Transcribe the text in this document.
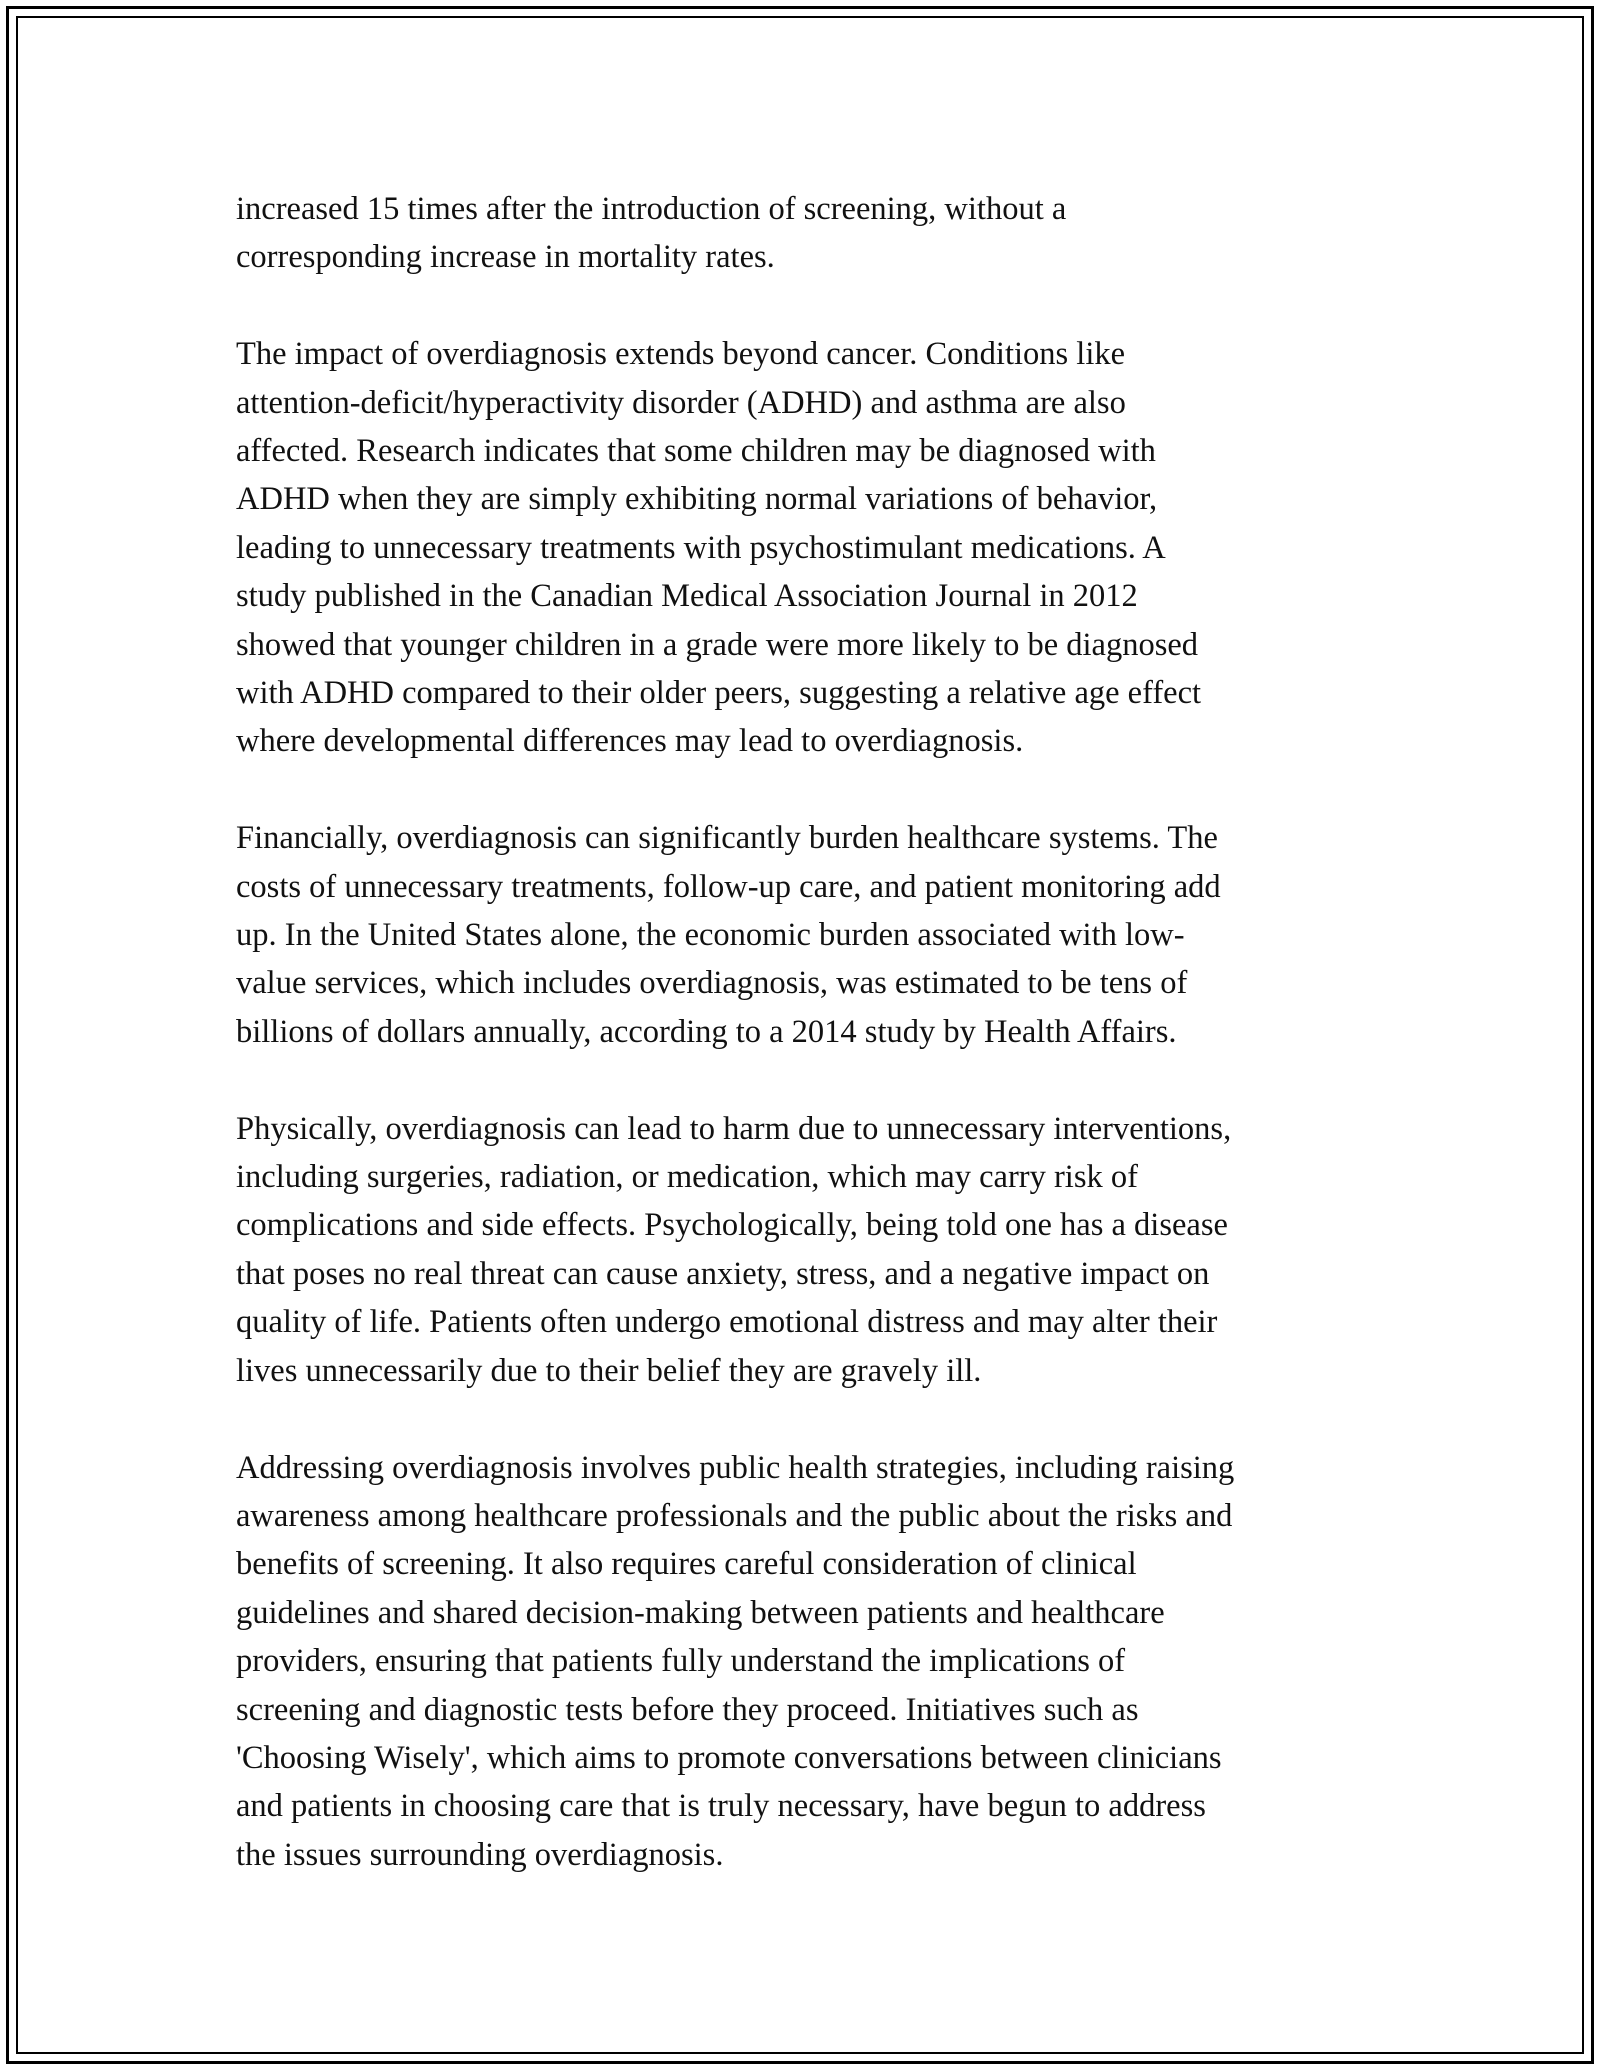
increased 15 times after the introduction of screening, without a
corresponding increase in mortality rates.

The impact of overdiagnosis extends beyond cancer. Conditions like
attention-deficit/hyperactivity disorder (ADHD) and asthma are also
affected. Research indicates that some children may be diagnosed with
ADHD when they are simply exhibiting normal variations of behavior,
leading to unnecessary treatments with psychostimulant medications. A
study published in the Canadian Medical Association Journal in 2012
showed that younger children in a grade were more likely to be diagnosed
with ADHD compared to their older peers, suggesting a relative age effect
where developmental differences may lead to overdiagnosis.

Financially, overdiagnosis can significantly burden healthcare systems. The
costs of unnecessary treatments, follow-up care, and patient monitoring add
up. In the United States alone, the economic burden associated with low-
value services, which includes overdiagnosis, was estimated to be tens of
billions of dollars annually, according to a 2014 study by Health Affairs.

Physically, overdiagnosis can lead to harm due to unnecessary interventions,
including surgeries, radiation, or medication, which may carry risk of
complications and side effects. Psychologically, being told one has a disease
that poses no real threat can cause anxiety, stress, and a negative impact on
quality of life. Patients often undergo emotional distress and may alter their
lives unnecessarily due to their belief they are gravely ill.

Addressing overdiagnosis involves public health strategies, including raising
awareness among healthcare professionals and the public about the risks and
benefits of screening. It also requires careful consideration of clinical
guidelines and shared decision-making between patients and healthcare
providers, ensuring that patients fully understand the implications of
screening and diagnostic tests before they proceed. Initiatives such as
'Choosing Wisely', which aims to promote conversations between clinicians
and patients in choosing care that is truly necessary, have begun to address
the issues surrounding overdiagnosis.
